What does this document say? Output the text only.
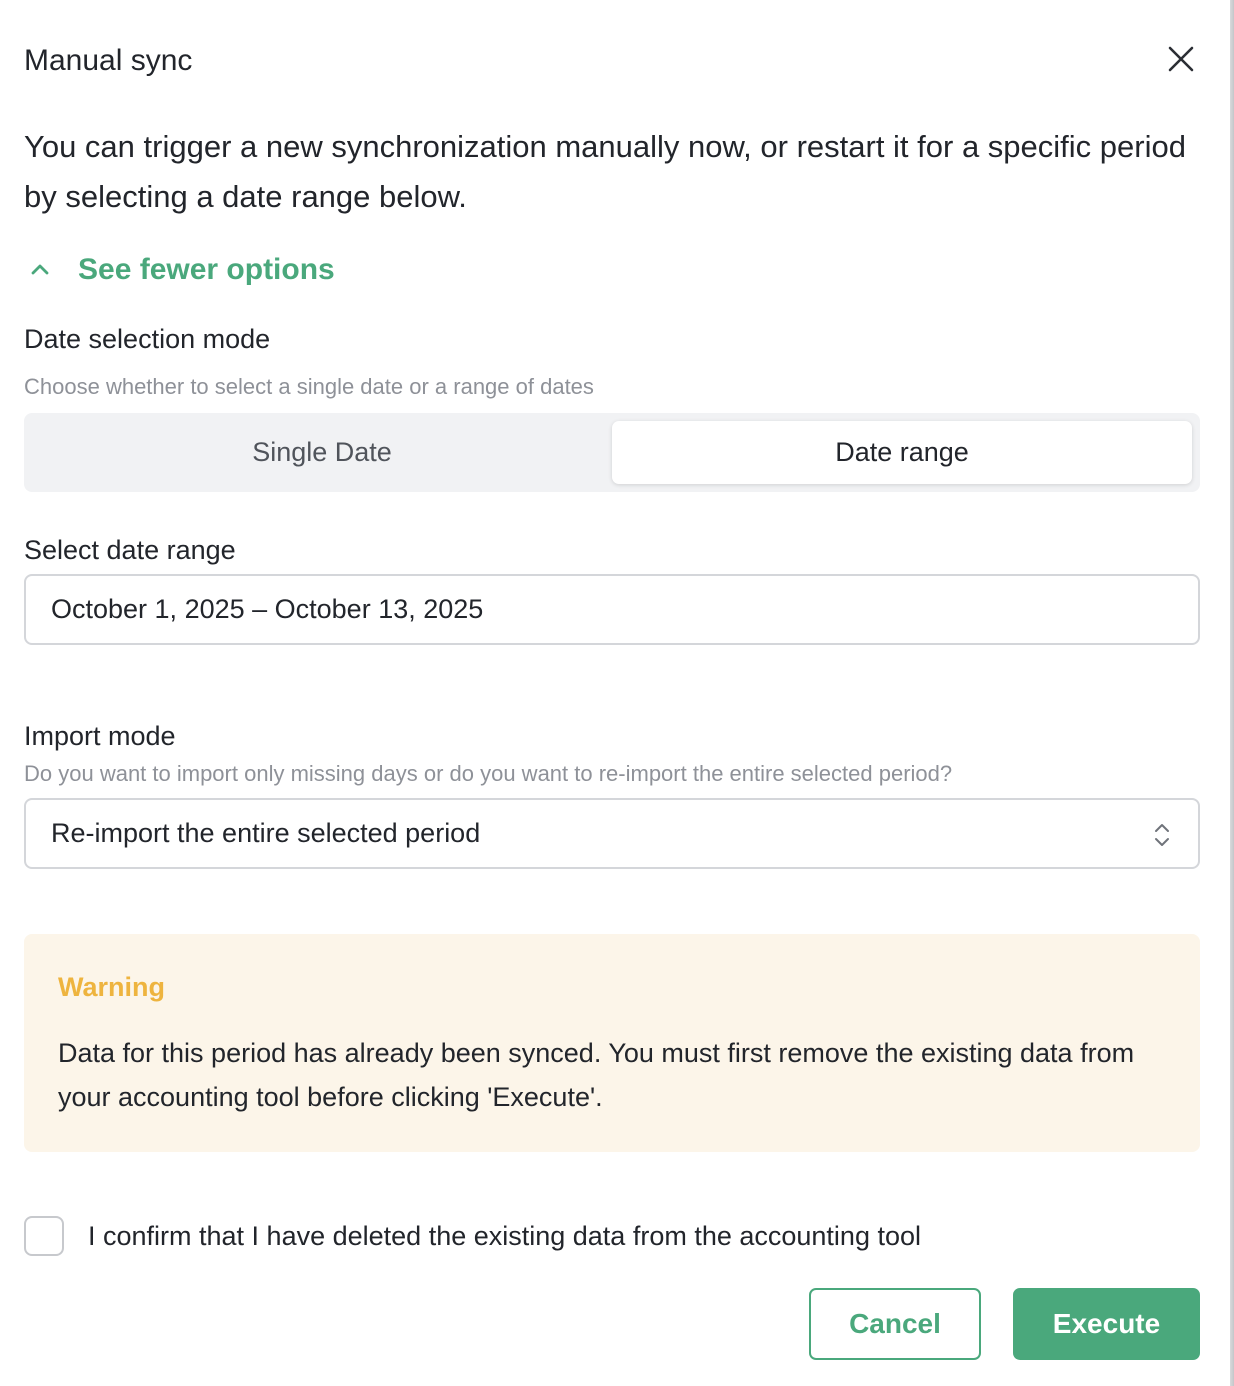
Manual sync

You can trigger a new synchronization manually now, or restart it for a specific period by selecting a date range below.

See fewer options
Date selection mode
Choose whether to select a single date or a range of dates
Single Date	Date range
Select date range
October 1, 2025 – October 13, 2025
Import mode
Do you want to import only missing days or do you want to re-import the entire selected period?
Re-import the entire selected period
Warning

Data for this period has already been synced. You must first remove the existing data from your accounting tool before clicking 'Execute'.

I confirm that I have deleted the existing data from the accounting tool
Cancel	Execute
